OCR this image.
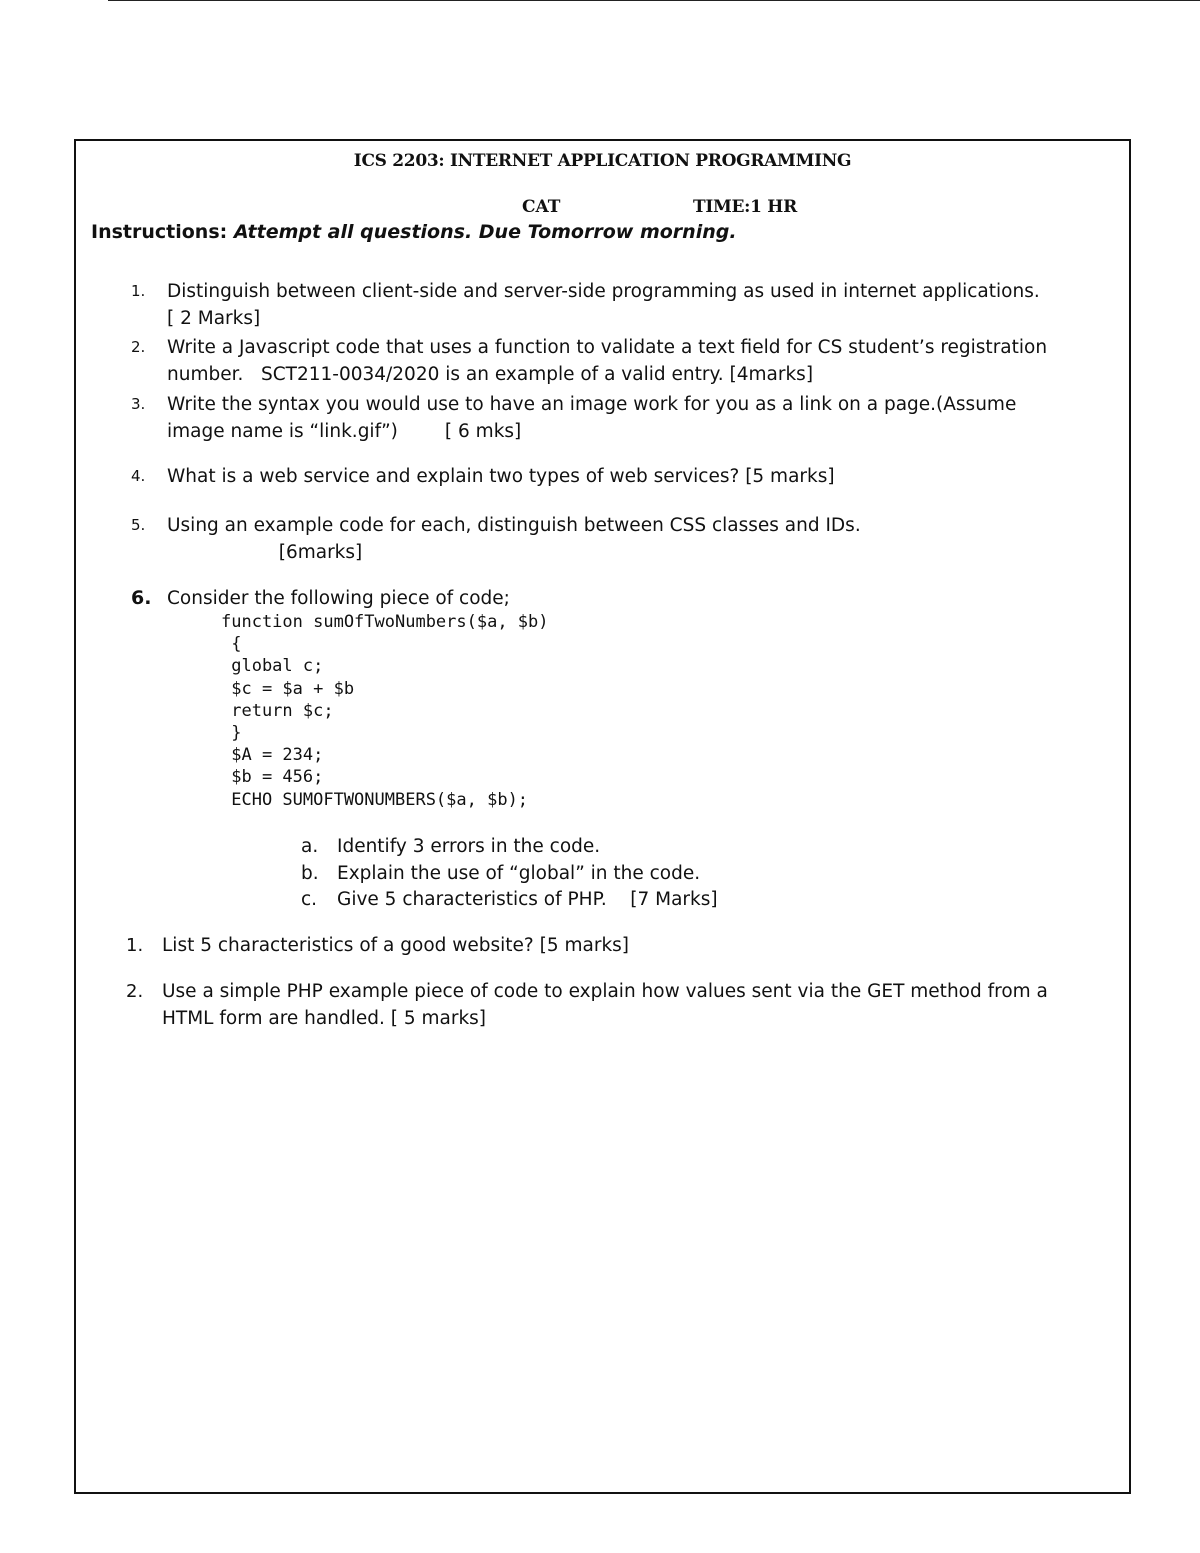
ICS 2203: INTERNET APPLICATION PROGRAMMING
CAT	TIME:1 HR
Instructions: Attempt all questions. Due Tomorrow morning.
1. Distinguish between client-side and server-side programming as used in internet applications.
[ 2 Marks]
2. Write a Javascript code that uses a function to validate a text field for CS student’s registration
number.   SCT211-0034/2020 is an example of a valid entry. [4marks]
3. Write the syntax you would use to have an image work for you as a link on a page.(Assume
image name is “link.gif”)        [ 6 mks]
4. What is a web service and explain two types of web services? [5 marks]
5. Using an example code for each, distinguish between CSS classes and IDs.
[6marks]
6. Consider the following piece of code;
function sumOfTwoNumbers($a, $b)
{
global c;
$c = $a + $b
return $c;
}
$A = 234;
$b = 456;
ECHO SUMOFTWONUMBERS($a, $b);
a. Identify 3 errors in the code.
b. Explain the use of “global” in the code.
c. Give 5 characteristics of PHP.    [7 Marks]
1. List 5 characteristics of a good website? [5 marks]
2. Use a simple PHP example piece of code to explain how values sent via the GET method from a
HTML form are handled. [ 5 marks]
